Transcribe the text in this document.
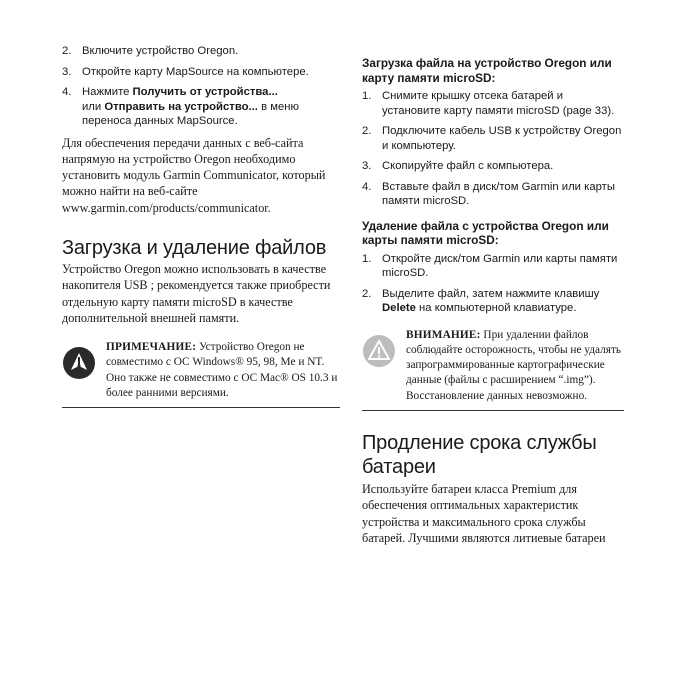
2. Включите устройство Oregon.
3. Откройте карту MapSource на компьютере.
4. Нажмите Получить от устройства...
или Отправить на устройство... в меню переноса данных MapSource.

Для обеспечения передачи данных с веб-сайта напрямую на устройство Oregon необходимо установить модуль Garmin Communicator, который можно найти на веб-сайте www.garmin.com/products/communicator.

Загрузка и удаление файлов

Устройство Oregon можно использовать в качестве накопителя USB ; рекомендуется также приобрести отдельную карту памяти microSD в качестве дополнительной внешней памяти.

ПРИМЕЧАНИЕ: Устройство Oregon не совместимо с ОС Windows® 95, 98, Me и NT. Оно также не совместимо с ОС Mac® OS 10.3 и более ранними версиями.

Загрузка файла на устройство Oregon или карту памяти microSD:
1. Снимите крышку отсека батарей и установите карту памяти microSD (page 33).
2. Подключите кабель USB к устройству Oregon и компьютеру.
3. Скопируйте файл с компьютера.
4. Вставьте файл в диск/том Garmin или карты памяти microSD.
Удаление файла с устройства Oregon или карты памяти microSD:
1. Откройте диск/том Garmin или карты памяти microSD.
2. Выделите файл, затем нажмите клавишу Delete на компьютерной клавиатуре.

ВНИМАНИЕ: При удалении файлов соблюдайте осторожность, чтобы не удалять запрограммированные картографические данные (файлы с расширением “.img”). Восстановление данных невозможно.

Продление срока службы батареи

Используйте батареи класса Premium для обеспечения оптимальных характеристик устройства и максимального срока службы батарей. Лучшими являются литиевые батареи
